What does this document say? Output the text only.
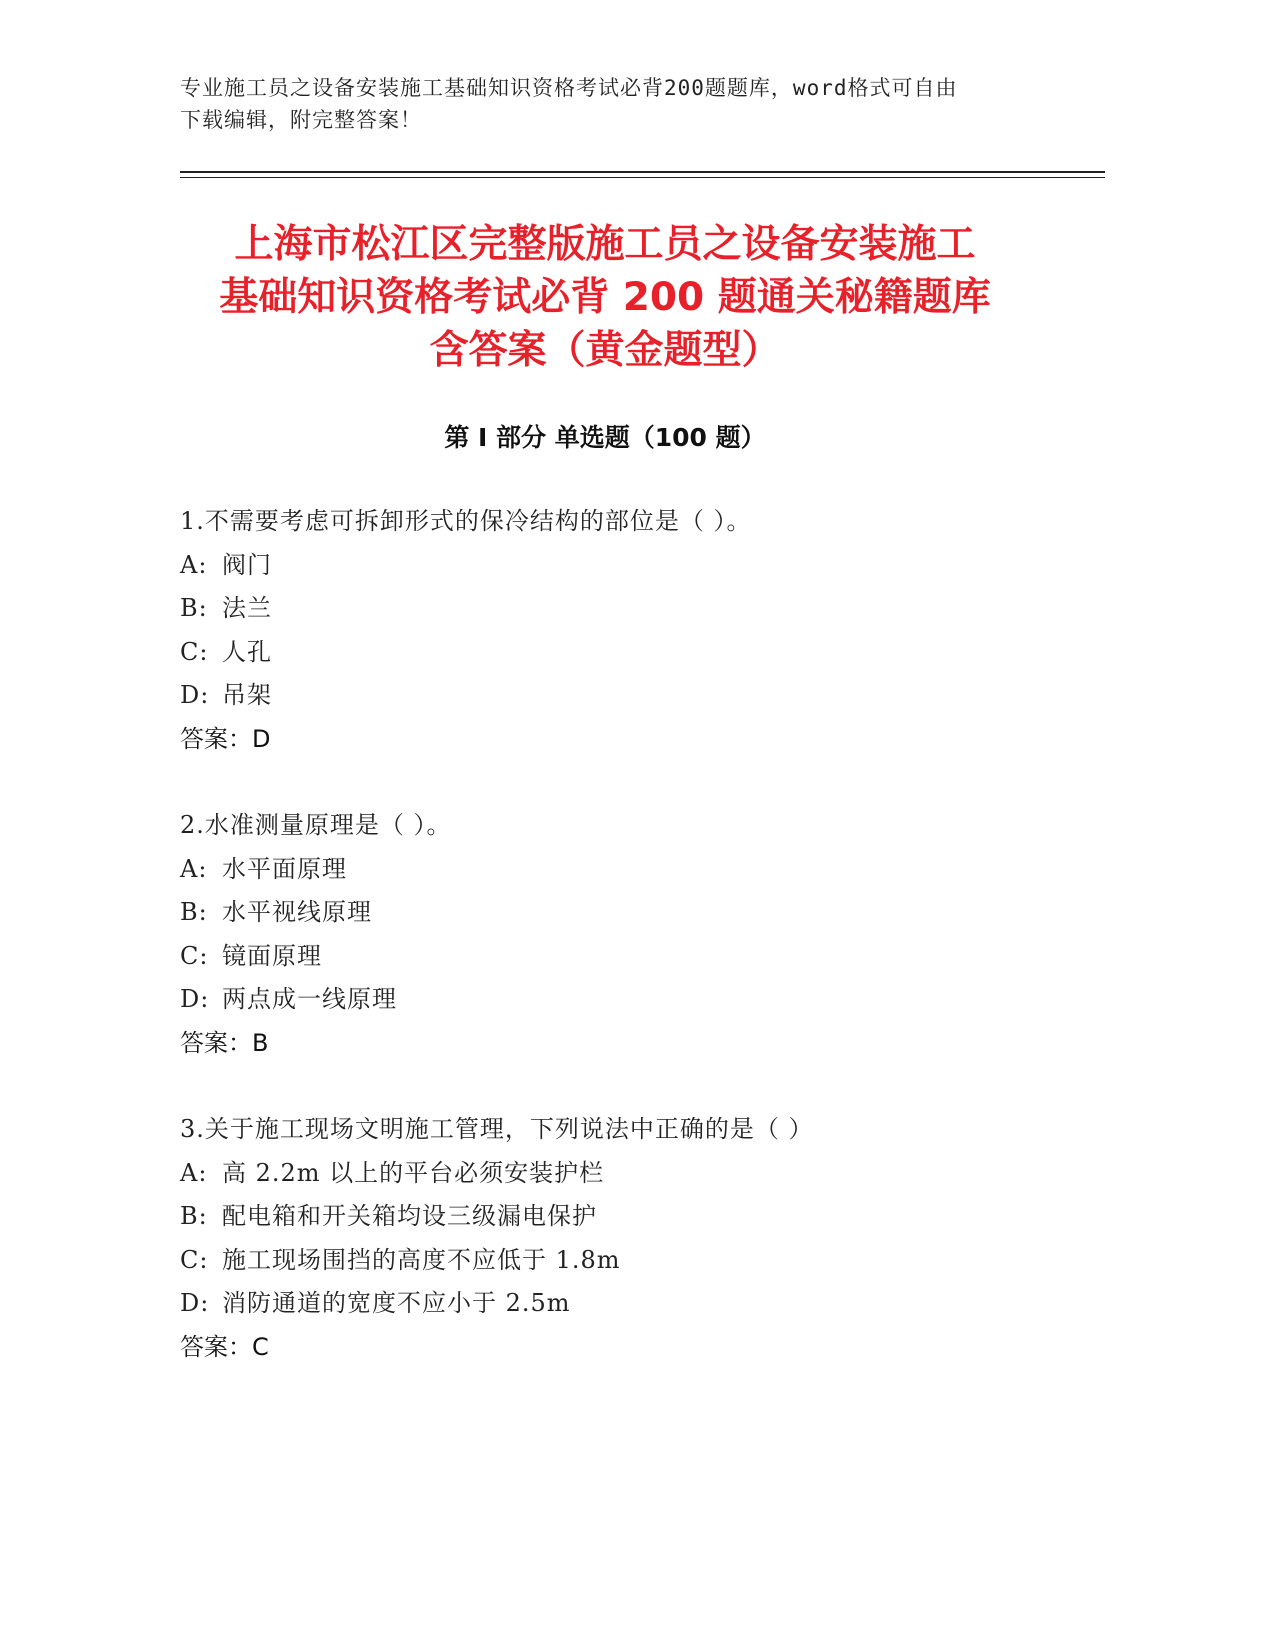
专业施工员之设备安装施工基础知识资格考试必背200题题库，word格式可自由
下载编辑，附完整答案！
上海市松江区完整版施工员之设备安装施工
基础知识资格考试必背 200 题通关秘籍题库
含答案（黄金题型）
第 I 部分 单选题（100 题）
1.不需要考虑可拆卸形式的保冷结构的部位是（ ）。
A: 阀门
B: 法兰
C: 人孔
D: 吊架
答案：D
2.水准测量原理是（ ）。
A: 水平面原理
B: 水平视线原理
C: 镜面原理
D: 两点成一线原理
答案：B
3.关于施工现场文明施工管理，下列说法中正确的是（ ）
A: 高 2.2m 以上的平台必须安装护栏
B: 配电箱和开关箱均设三级漏电保护
C: 施工现场围挡的高度不应低于 1.8m
D: 消防通道的宽度不应小于 2.5m
答案：C
